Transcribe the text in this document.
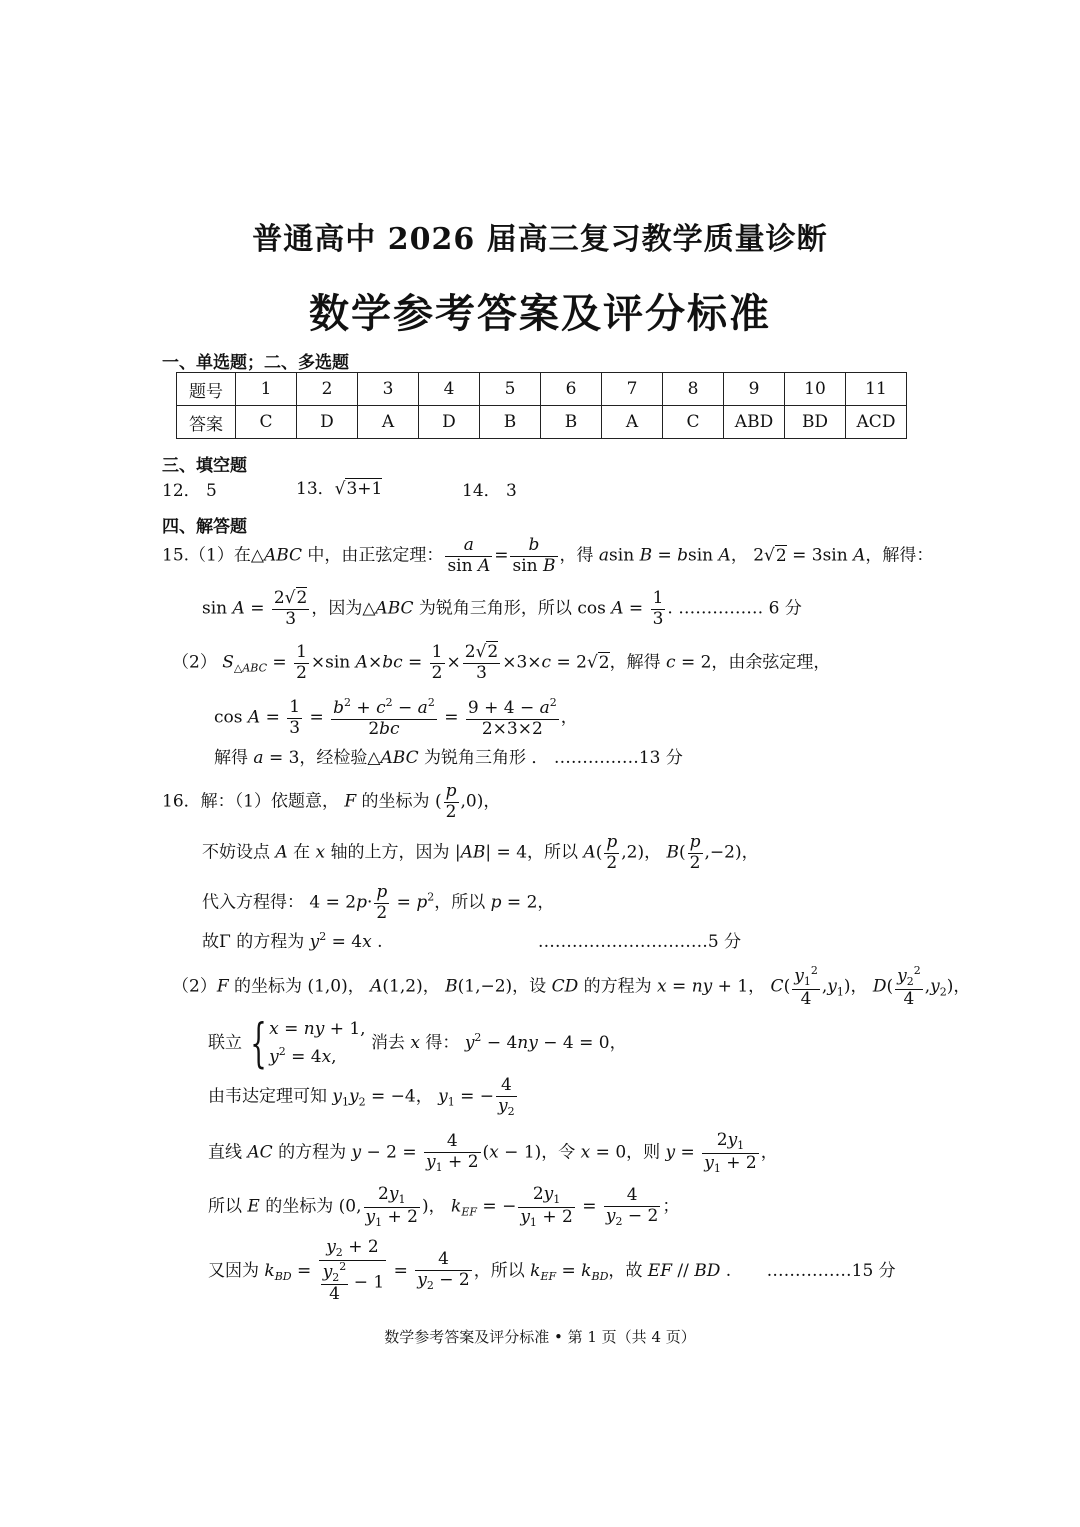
普通高中 2026 届高三复习教学质量诊断
数学参考答案及评分标准
一、单选题；二、多选题
题号	1	2	3	4	5	6	7	8	9	10	11
答案	C	D	A	D	B	B	A	C	ABD	BD	ACD
三、填空题
12． 5	13．√3+1	14． 3
四、解答题
15.（1）在△ABC 中，由正弦定理： $\frac{a}{\text{sin A}} = \frac{b}{\text{sin B}}$ ，得 asin B = bsin A， 2√2 = 3sin A，解得：
$\sin A = \frac{2√2}{3}$ ，因为△ABC 为锐角三角形，所以 $\cos A = \frac{1}{3}$ . …………… 6 分
（2） $S_{\triangle ABC} = \frac{1}{2} \times\sin$ $A\times bc = \frac{1}{2} \times \frac{2√2}{3} \times 3\times c = 2√2$，解得 c = 2，由余弦定理，
$\cos A = \frac{1}{3} = \frac{b^2 + c^2 - a^2}{2bc} = \frac{9 + 4 - a^2}{2\times 3\times 2}$ ，
解得 a = 3，经检验△ABC 为锐角三角形 ． ……………13 分
16．解：（1）依题意， F 的坐标为 ( $\frac{p}{2} ,0$)，
不妨设点 A 在 x 轴的上方，因为 |AB| = 4，所以 $A( \frac{p}{2} ,2)$， $B( \frac{p}{2} ,-2)$，
代入方程得： $4 = 2p\cdot \frac{p}{2} = p^2$，所以 p = 2，
故Γ 的方程为 $y^2 = 4x$ .	…………………………5 分
（2）F 的坐标为 (1,0)， A(1,2)， B(1,−2)，设 CD 的方程为 x = ny + 1， $C( \frac{y_1^2}{4} ,y_1)$， $D( \frac{y_2^2}{4} ,y_2)$，
联立 { x = ny + 1,
$y^2 = 4x$,
消去 x 得： $y^2 - 4ny - 4 = 0$，
由韦达定理可知 $y_1y_2 = -4$， $y_1$ = − $\frac{4}{y_2}$
直线 AC 的方程为 $y - 2 = \frac{4}{y_1 + 2} (x - 1)$，令 x = 0，则 $y = \frac{2y_1}{y_1 + 2}$ ，
所以 E 的坐标为 (0, $\frac{2y_1}{y_1 + 2}$ )， $k_{EF}$ = − $\frac{2y_1}{y_1 + 2} = \frac{4}{y_2 - 2}$ ；
又因为 $k_{BD} = \frac{y_2 + 2}{\frac{y_2^2}{4} - 1} = \frac{4}{y_2 - 2}$ ，所以 $k_{EF} = k_{BD}$，故 EF // BD . ……………15 分
数学参考答案及评分标准 • 第 1 页（共 4 页）
